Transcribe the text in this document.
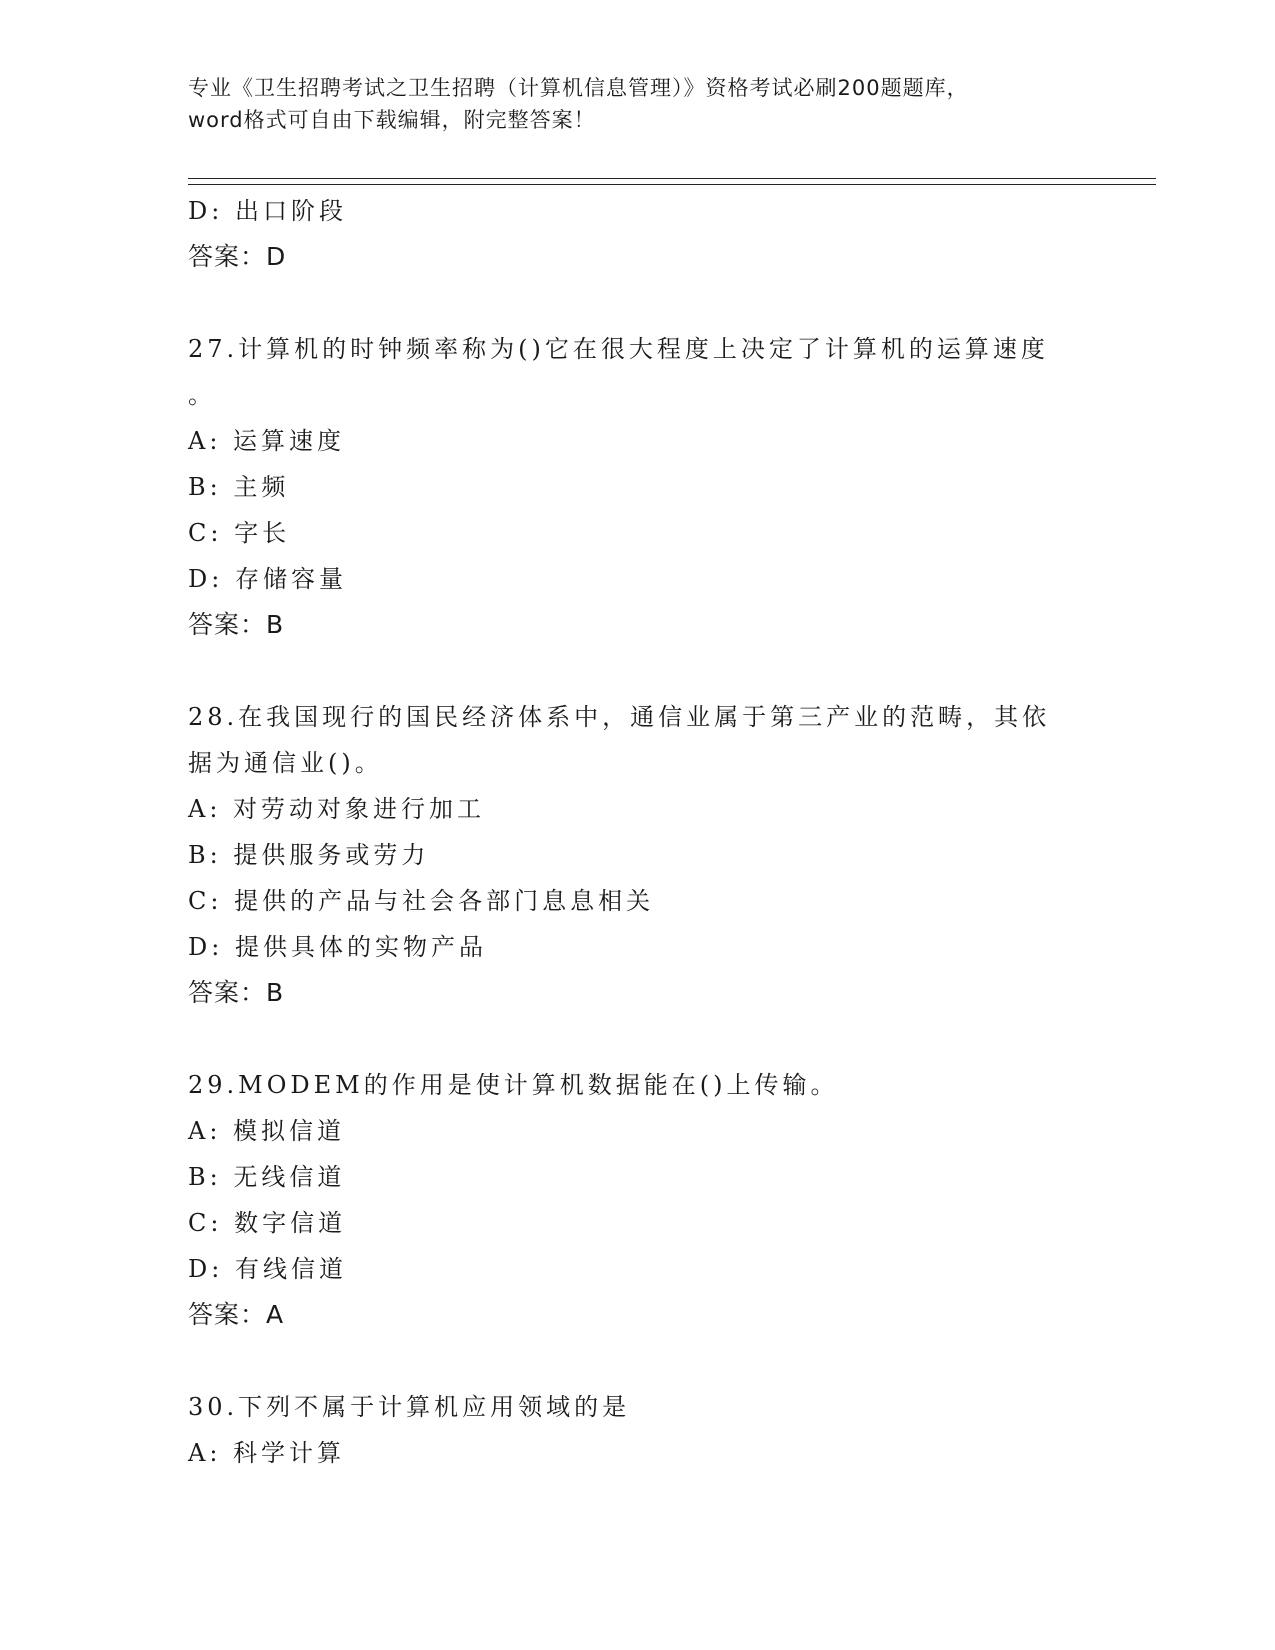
专业《卫生招聘考试之卫生招聘（计算机信息管理）》资格考试必刷200题题库，
word格式可自由下载编辑，附完整答案！
D: 出口阶段
答案：D
27.计算机的时钟频率称为()它在很大程度上决定了计算机的运算速度
。
A: 运算速度
B: 主频
C: 字长
D: 存储容量
答案：B
28.在我国现行的国民经济体系中，通信业属于第三产业的范畴，其依
据为通信业()。
A: 对劳动对象进行加工
B: 提供服务或劳力
C: 提供的产品与社会各部门息息相关
D: 提供具体的实物产品
答案：B
29.MODEM的作用是使计算机数据能在()上传输。
A: 模拟信道
B: 无线信道
C: 数字信道
D: 有线信道
答案：A
30.下列不属于计算机应用领域的是
A: 科学计算
